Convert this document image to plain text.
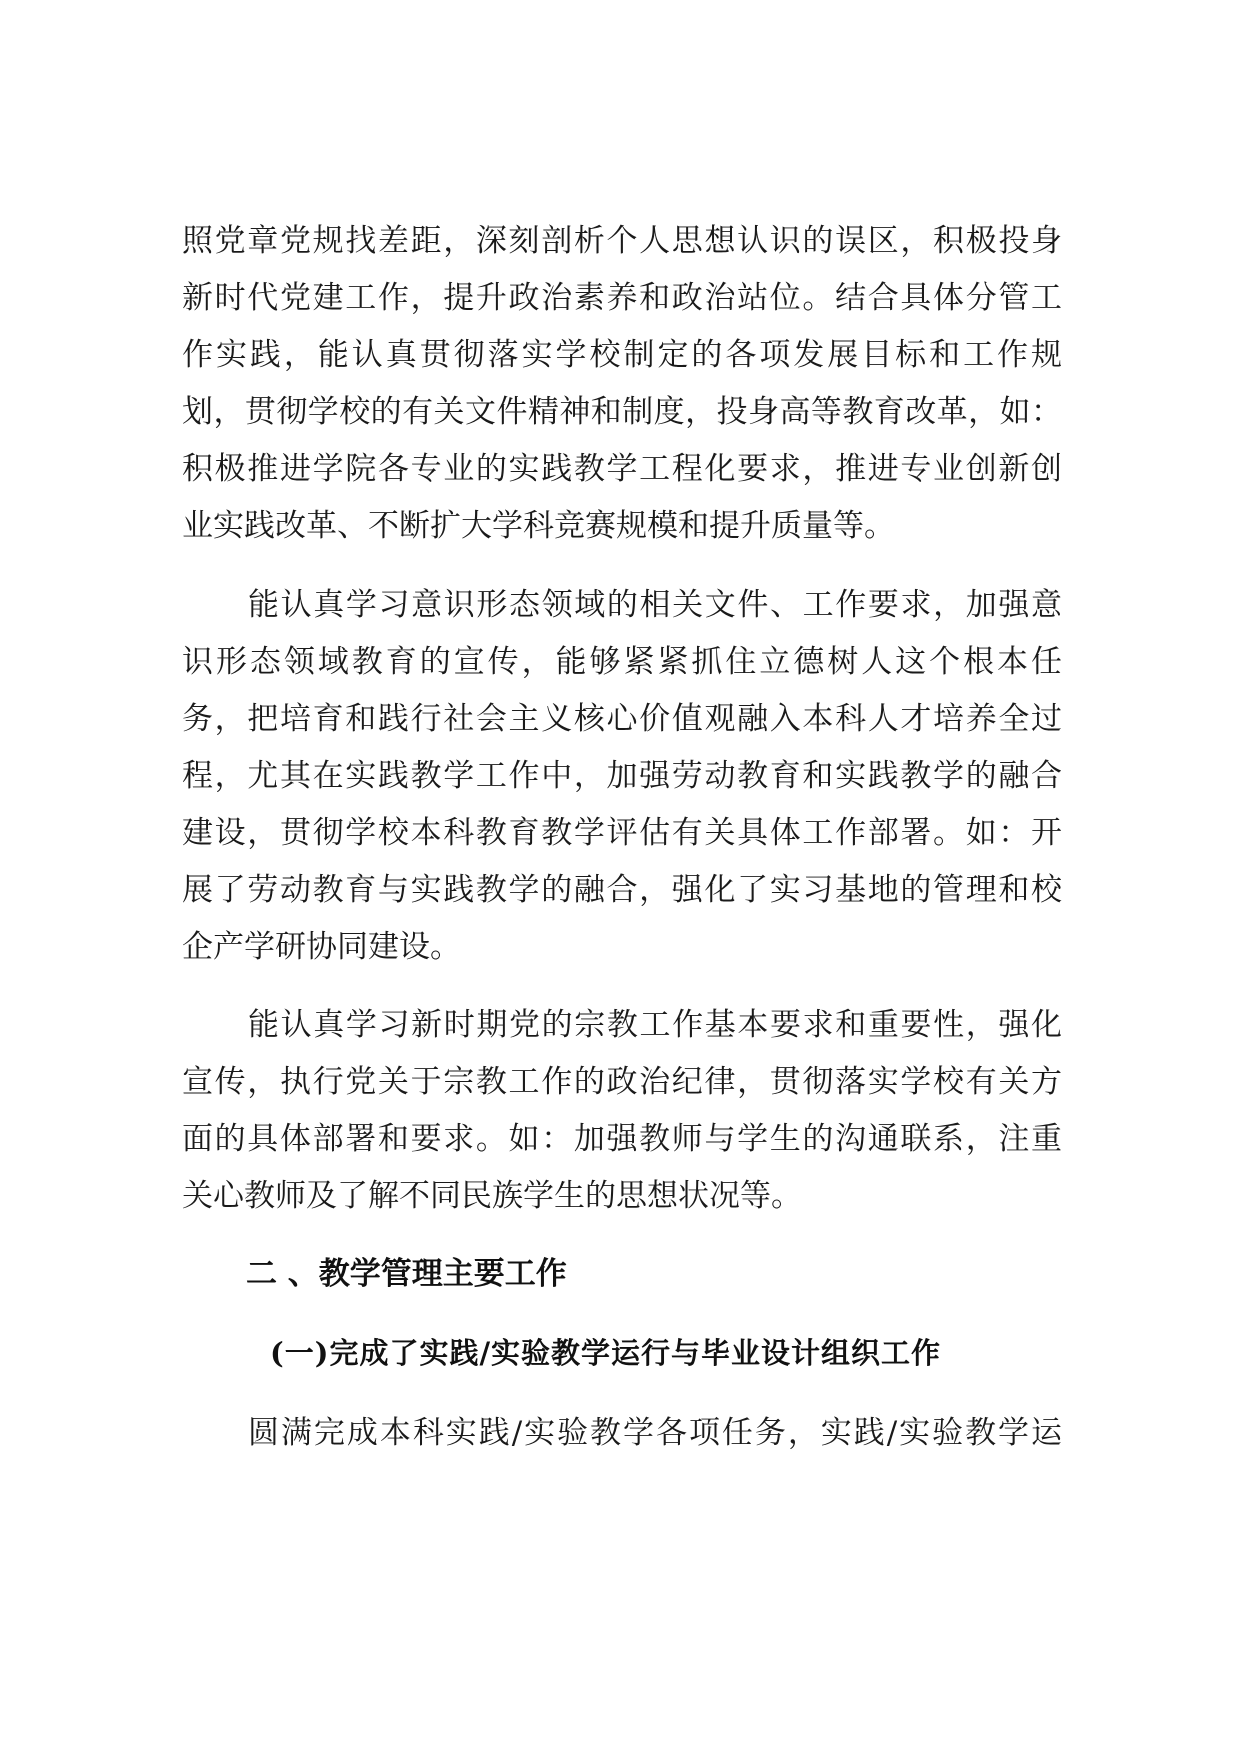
照党章党规找差距，深刻剖析个人思想认识的误区，积极投身
新时代党建工作，提升政治素养和政治站位。结合具体分管工
作实践，能认真贯彻落实学校制定的各项发展目标和工作规
划，贯彻学校的有关文件精神和制度，投身高等教育改革，如：
积极推进学院各专业的实践教学工程化要求，推进专业创新创
业实践改革、不断扩大学科竞赛规模和提升质量等。
能认真学习意识形态领域的相关文件、工作要求，加强意
识形态领域教育的宣传，能够紧紧抓住立德树人这个根本任
务，把培育和践行社会主义核心价值观融入本科人才培养全过
程，尤其在实践教学工作中，加强劳动教育和实践教学的融合
建设，贯彻学校本科教育教学评估有关具体工作部署。如：开
展了劳动教育与实践教学的融合，强化了实习基地的管理和校
企产学研协同建设。
能认真学习新时期党的宗教工作基本要求和重要性，强化
宣传，执行党关于宗教工作的政治纪律，贯彻落实学校有关方
面的具体部署和要求。如：加强教师与学生的沟通联系，注重
关心教师及了解不同民族学生的思想状况等。
二 、教学管理主要工作
(一)完成了实践/实验教学运行与毕业设计组织工作
圆满完成本科实践/实验教学各项任务，实践/实验教学运
